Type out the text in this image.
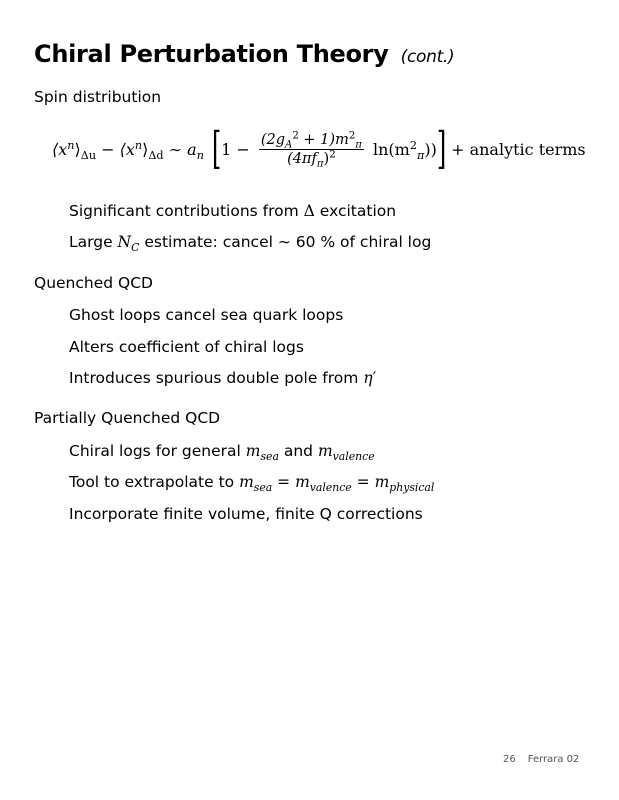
Chiral Perturbation Theory (cont.)
Spin distribution
$⟨x^n⟩_{\Delta u}$ − $⟨x^n⟩_{\Delta d}$ ∼ $a_n$ [ $1 - \frac{(2g_A^2 + 1)m^2_\pi}{(4\pi f_\pi)^2} \ln(m^2_\pi)$) ] + analytic terms
Significant contributions from Δ excitation
Large $N_C$ estimate: cancel ∼ 60 % of chiral log
Quenched QCD
Ghost loops cancel sea quark loops
Alters coefficient of chiral logs
Introduces spurious double pole from η′
Partially Quenched QCD
Chiral logs for general $m_{sea}$ and $m_{valence}$
Tool to extrapolate to $m_{sea} = m_{valence} = m_{physical}$
Incorporate finite volume, finite Q corrections
26 Ferrara 02
